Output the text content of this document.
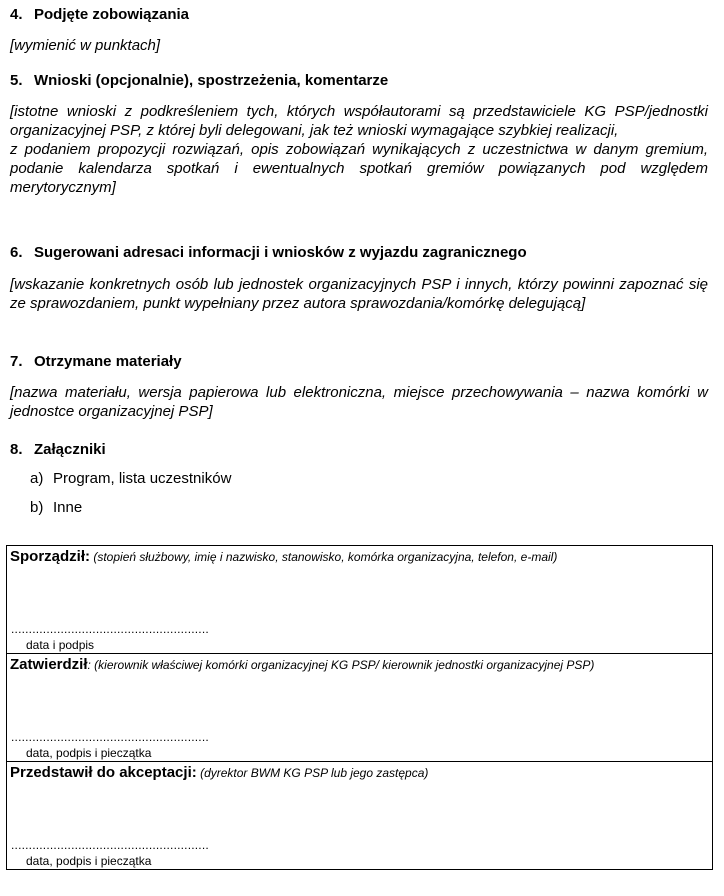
4. Podjęte zobowiązania

[wymienić w punktach]

5. Wnioski (opcjonalnie), spostrzeżenia, komentarze

[istotne wnioski z podkreśleniem tych, których współautorami są przedstawiciele KG PSP/jednostki organizacyjnej PSP, z której byli delegowani, jak też wnioski wymagające szybkiej realizacji,

z podaniem propozycji rozwiązań, opis zobowiązań wynikających z uczestnictwa w danym gremium, podanie kalendarza spotkań i ewentualnych spotkań gremiów powiązanych pod względem merytorycznym]

6. Sugerowani adresaci informacji i wniosków z wyjazdu zagranicznego

[wskazanie konkretnych osób lub jednostek organizacyjnych PSP i innych, którzy powinni zapoznać się ze sprawozdaniem, punkt wypełniany przez autora sprawozdania/komórkę delegującą]

7. Otrzymane materiały

[nazwa materiału, wersja papierowa lub elektroniczna, miejsce przechowywania – nazwa komórki w jednostce organizacyjnej PSP]

8. Załączniki
a) Program, lista uczestników
b) Inne
Sporządził: (stopień służbowy, imię i nazwisko, stanowisko, komórka organizacyjna, telefon, e-mail)
........................................................
data i podpis

Zatwierdził: (kierownik właściwej komórki organizacyjnej KG PSP/ kierownik jednostki organizacyjnej PSP)
........................................................
data, podpis i pieczątka

Przedstawił do akceptacji: (dyrektor BWM KG PSP lub jego zastępca)
........................................................
data, podpis i pieczątka
